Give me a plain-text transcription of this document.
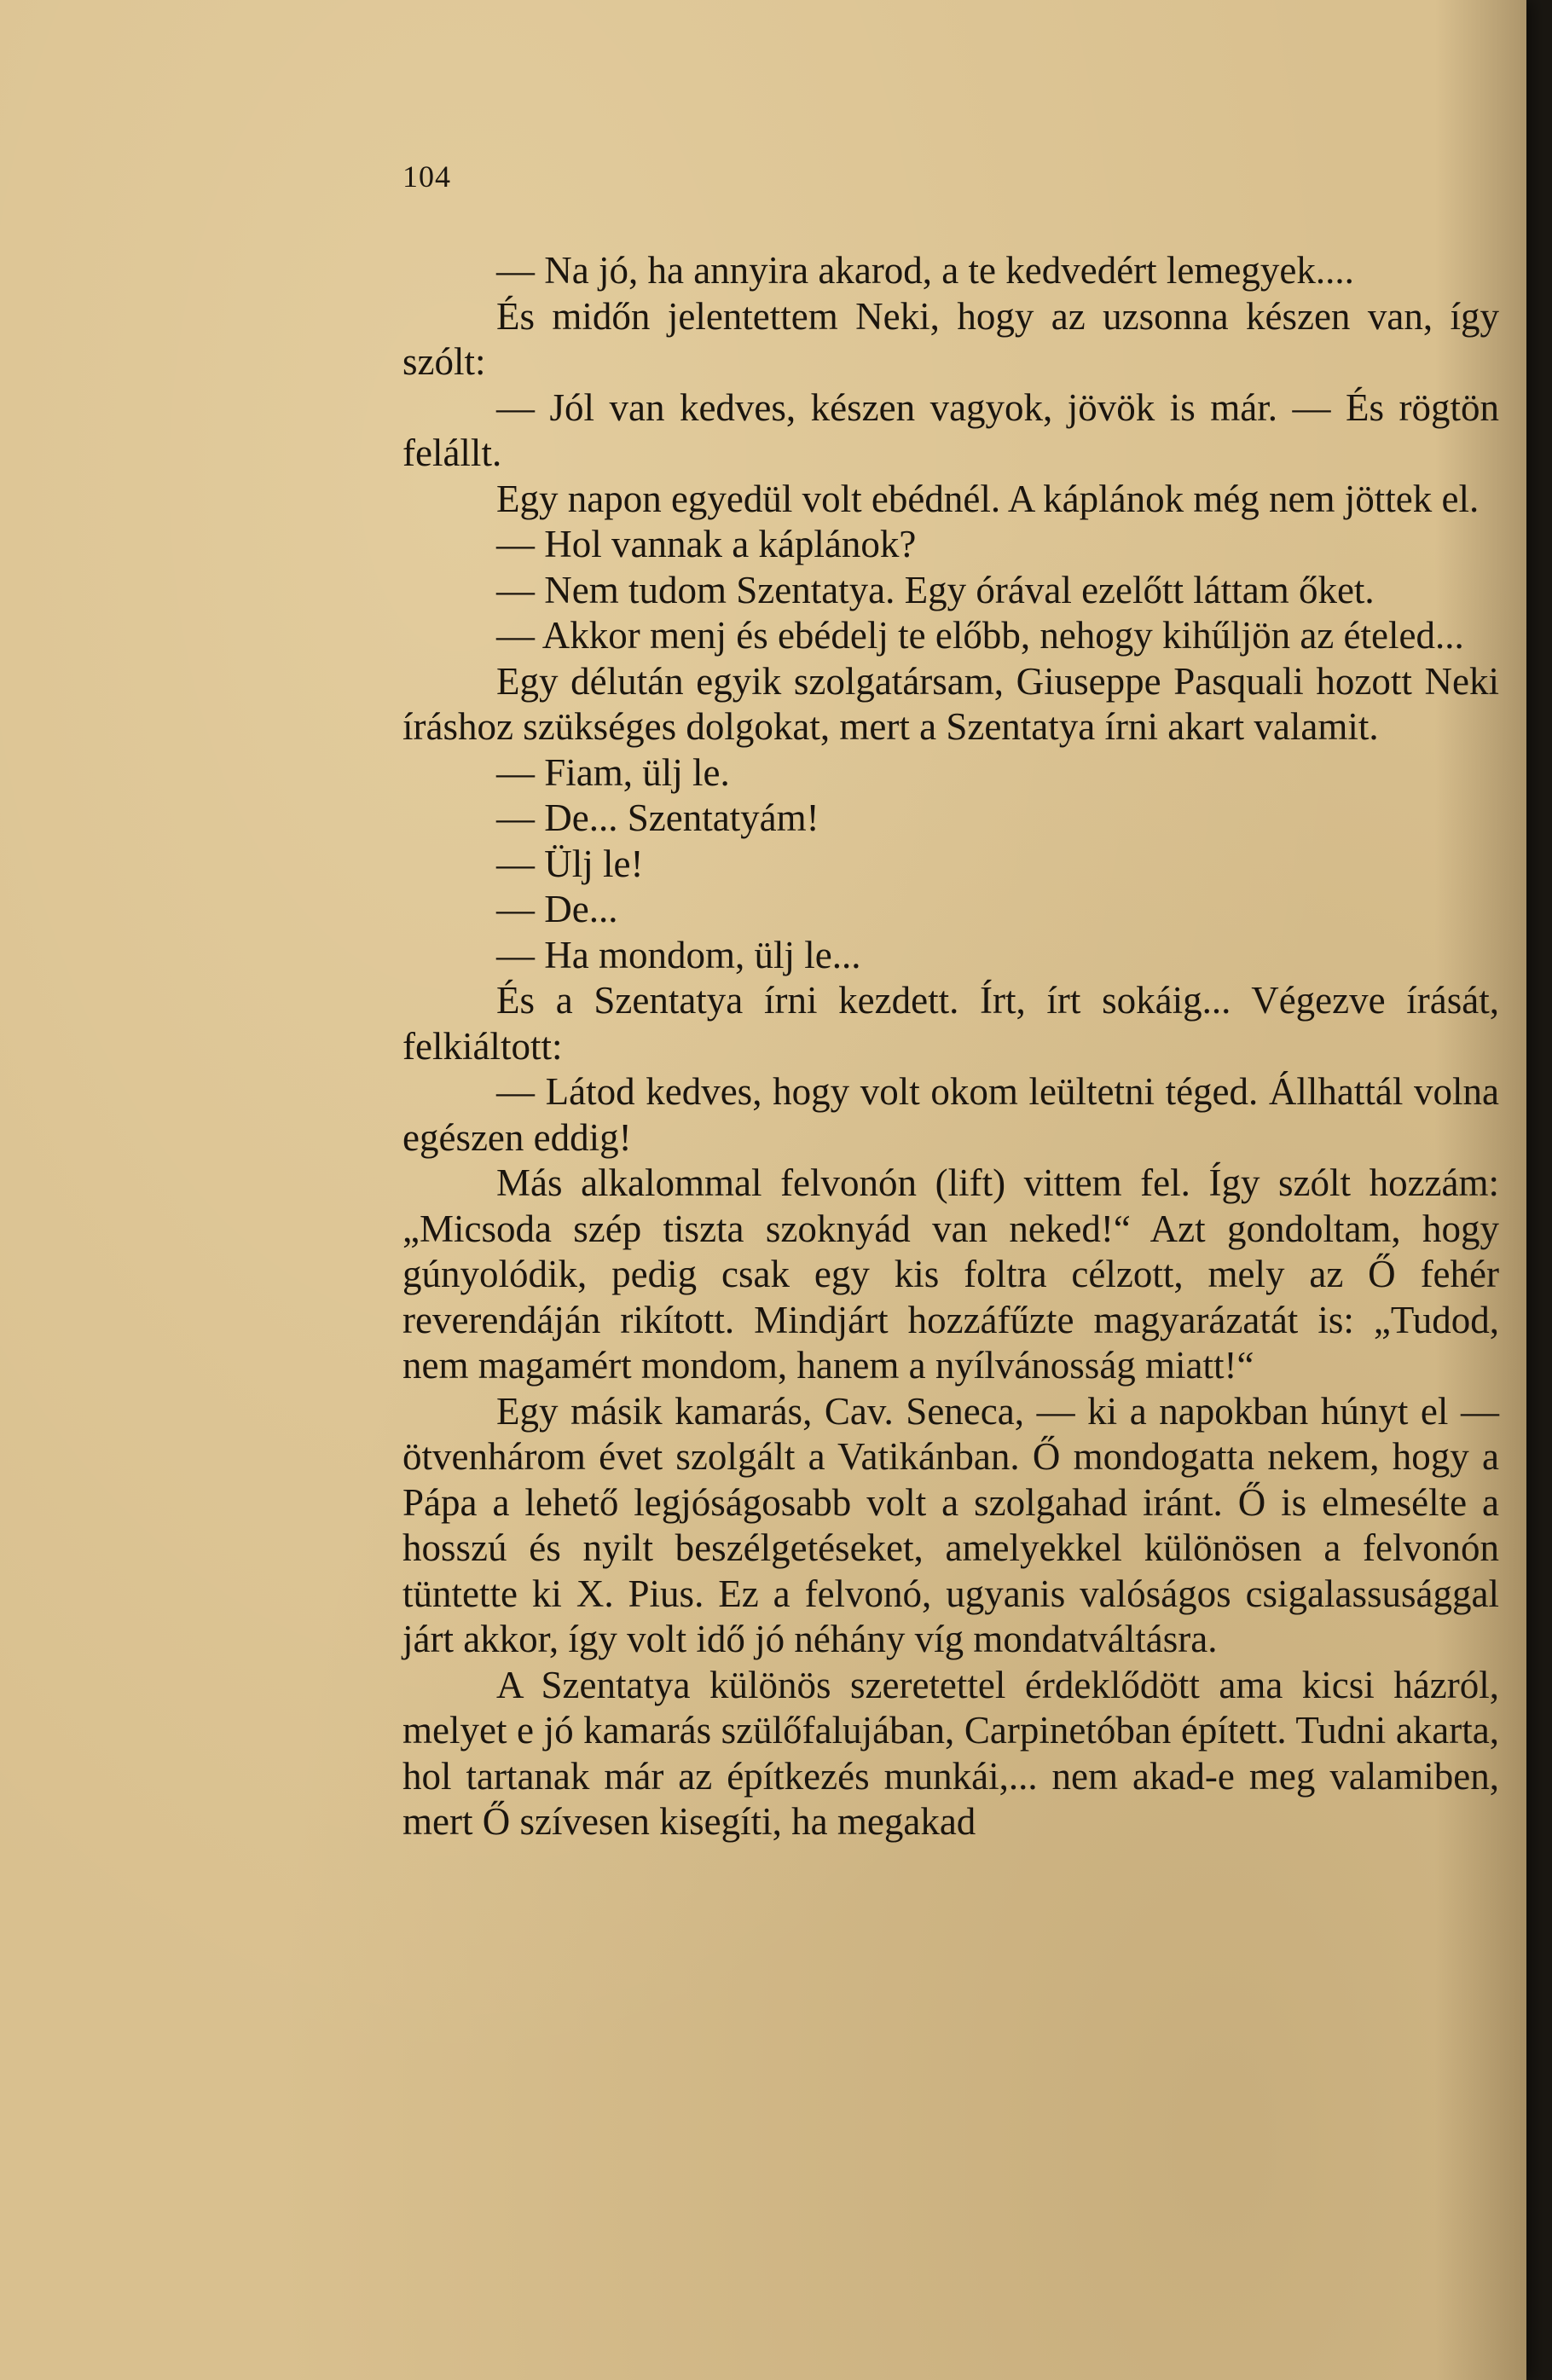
104

— Na jó, ha annyira akarod, a te kedvedért lemegyek....

És midőn jelentettem Neki, hogy az uzsonna készen van, így szólt:

— Jól van kedves, készen vagyok, jövök is már. — És rögtön felállt.

Egy napon egyedül volt ebédnél. A káplánok még nem jöttek el.

— Hol vannak a káplánok?

— Nem tudom Szentatya. Egy órával ezelőtt láttam őket.

— Akkor menj és ebédelj te előbb, nehogy kihűljön az ételed...

Egy délután egyik szolgatársam, Giuseppe Pasquali hozott Neki íráshoz szükséges dolgokat, mert a Szentatya írni akart valamit.

— Fiam, ülj le.

— De... Szentatyám!

— Ülj le!

— De...

— Ha mondom, ülj le...

És a Szentatya írni kezdett. Írt, írt sokáig... Végezve írását, felkiáltott:

— Látod kedves, hogy volt okom leültetni téged. Állhattál volna egészen eddig!

Más alkalommal felvonón (lift) vittem fel. Így szólt hozzám: „Micsoda szép tiszta szoknyád van neked!“ Azt gondoltam, hogy gúnyolódik, pedig csak egy kis foltra célzott, mely az Ő fehér reverendáján rikított. Mindjárt hozzáfűzte magyarázatát is: „Tudod, nem magamért mondom, hanem a nyílvánosság miatt!“

Egy másik kamarás, Cav. Seneca, — ki a napokban húnyt el — ötvenhárom évet szolgált a Vatikánban. Ő mondogatta nekem, hogy a Pápa a lehető legjóságosabb volt a szolgahad iránt. Ő is elmesélte a hosszú és nyilt beszélgetéseket, amelyekkel különösen a felvonón tüntette ki X. Pius. Ez a felvonó, ugyanis valóságos csigalassusággal járt akkor, így volt idő jó néhány víg mondatváltásra.

A Szentatya különös szeretettel érdeklődött ama kicsi házról, melyet e jó kamarás szülőfalujában, Carpinetóban épített. Tudni akarta, hol tartanak már az építkezés munkái,... nem akad-e meg valamiben, mert Ő szívesen kisegíti, ha megakad
